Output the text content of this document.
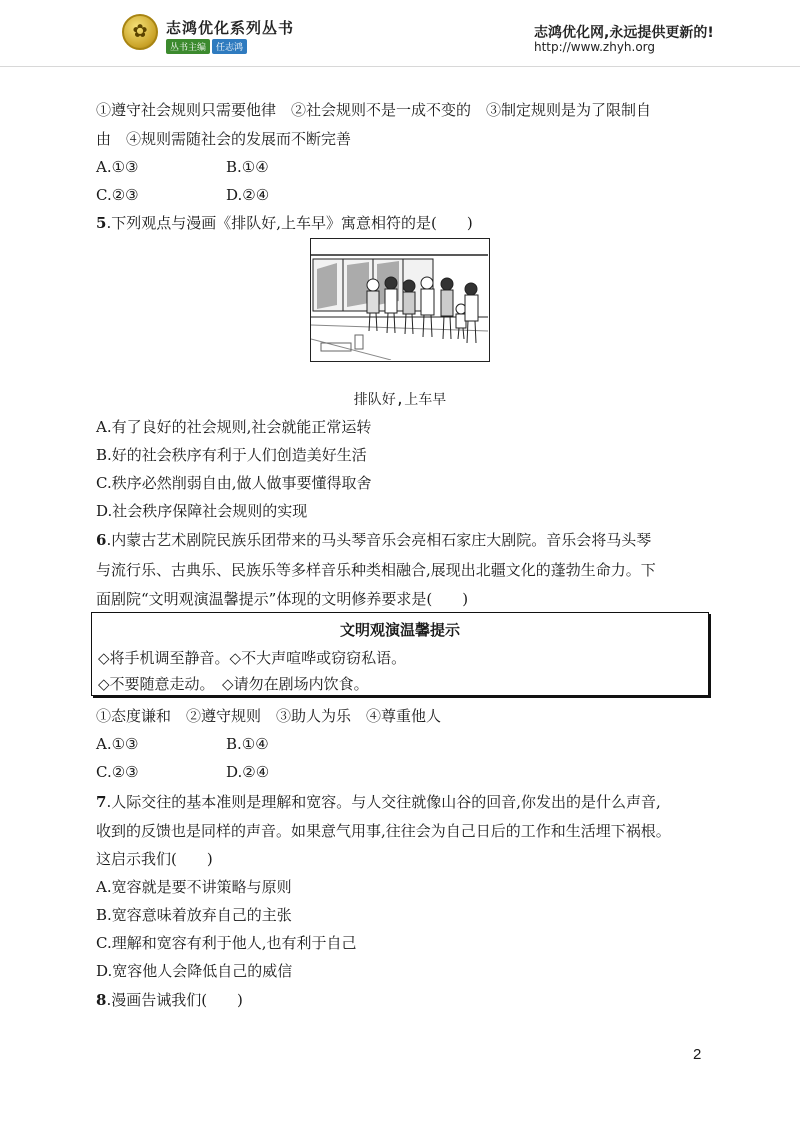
✿	志鸿优化系列丛书
丛书主编	任志鸿
志鸿优化网,永远提供更新的!
http://www.zhyh.org
①遵守社会规则只需要他律　②社会规则不是一成不变的　③制定规则是为了限制自
由　④规则需随社会的发展而不断完善
A.①③	B.①④
C.②③	D.②④
5.下列观点与漫画《排队好,上车早》寓意相符的是(　　)
排队好,上车早
A.有了良好的社会规则,社会就能正常运转
B.好的社会秩序有利于人们创造美好生活
C.秩序必然削弱自由,做人做事要懂得取舍
D.社会秩序保障社会规则的实现
6.内蒙古艺术剧院民族乐团带来的马头琴音乐会亮相石家庄大剧院。音乐会将马头琴
与流行乐、古典乐、民族乐等多样音乐种类相融合,展现出北疆文化的蓬勃生命力。下
面剧院“文明观演温馨提示”体现的文明修养要求是(　　)
文明观演温馨提示
◇将手机调至静音。◇不大声喧哗或窃窃私语。
◇不要随意走动。　◇请勿在剧场内饮食。
①态度谦和　②遵守规则　③助人为乐　④尊重他人
A.①③	B.①④
C.②③	D.②④
7.人际交往的基本准则是理解和宽容。与人交往就像山谷的回音,你发出的是什么声音,
收到的反馈也是同样的声音。如果意气用事,往往会为自己日后的工作和生活埋下祸根。
这启示我们(　　)
A.宽容就是要不讲策略与原则
B.宽容意味着放弃自己的主张
C.理解和宽容有利于他人,也有利于自己
D.宽容他人会降低自己的威信
8.漫画告诫我们(　　)
2
